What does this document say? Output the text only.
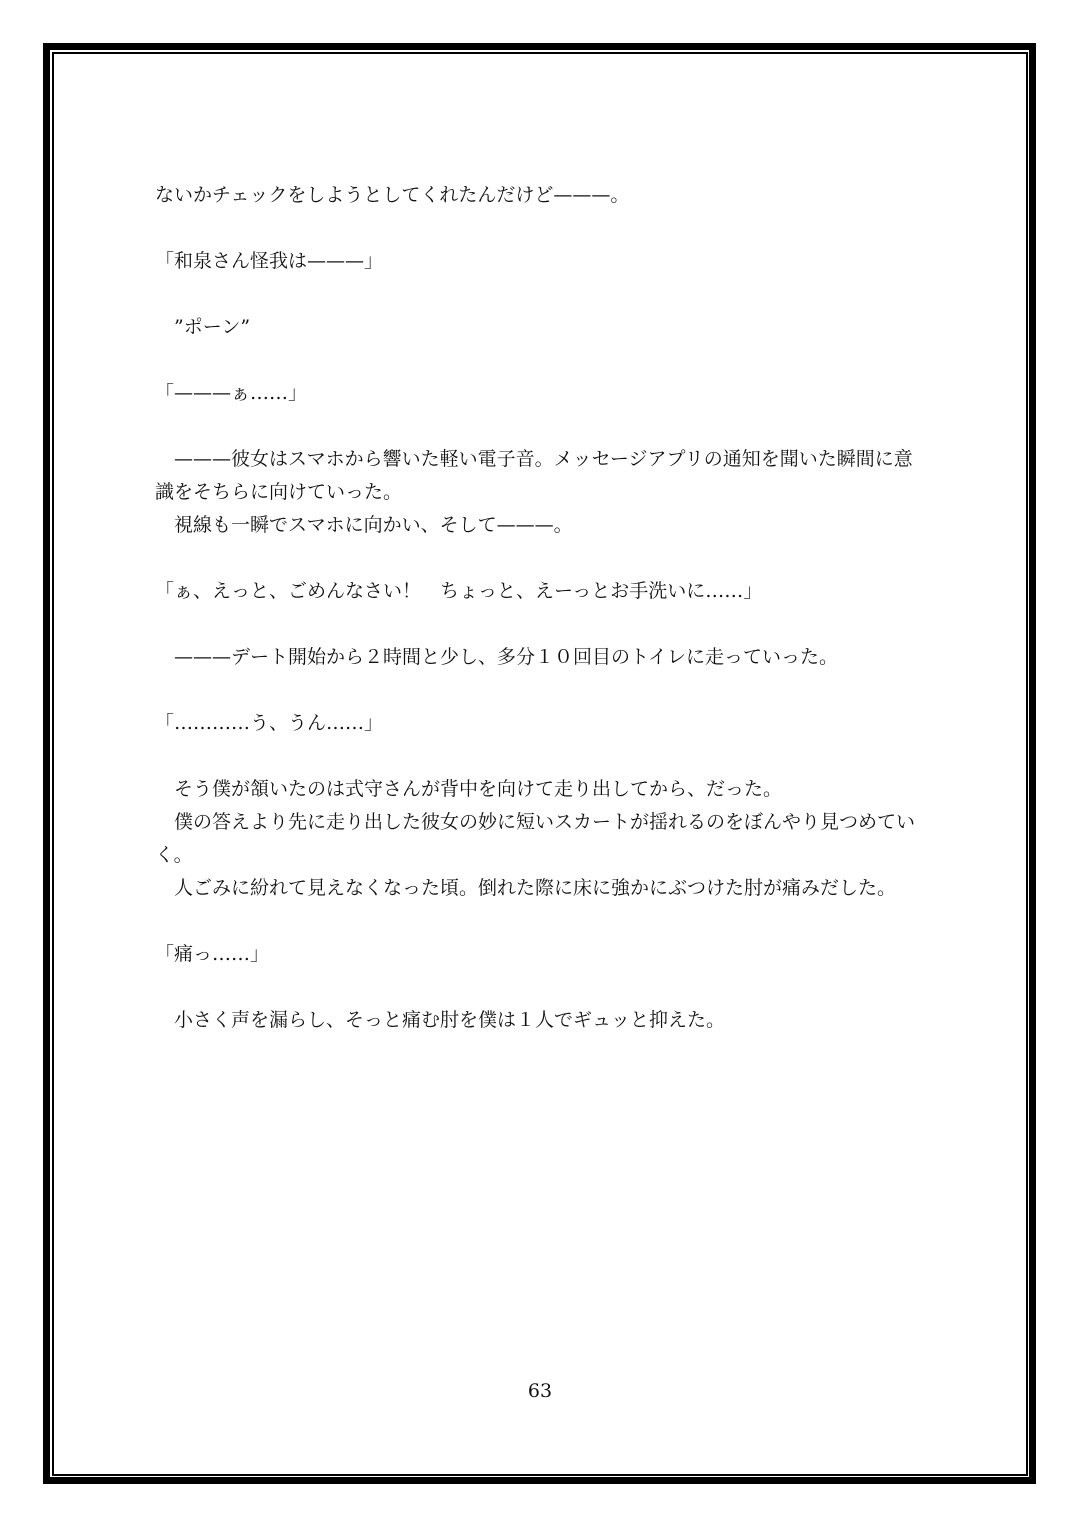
ないかチェックをしようとしてくれたんだけど———。
「和泉さん怪我は———」
　”ポーン”
「———ぁ……」
　———彼女はスマホから響いた軽い電子音。メッセージアプリの通知を聞いた瞬間に意
識をそちらに向けていった。
　視線も一瞬でスマホに向かい、そして———。
「ぁ、えっと、ごめんなさい！　ちょっと、えーっとお手洗いに……」
　———デート開始から２時間と少し、多分１０回目のトイレに走っていった。
「…………う、うん……」
　そう僕が頷いたのは式守さんが背中を向けて走り出してから、だった。
　僕の答えより先に走り出した彼女の妙に短いスカートが揺れるのをぼんやり見つめてい
く。
　人ごみに紛れて見えなくなった頃。倒れた際に床に強かにぶつけた肘が痛みだした。
「痛っ……」
　小さく声を漏らし、そっと痛む肘を僕は１人でギュッと抑えた。
63
